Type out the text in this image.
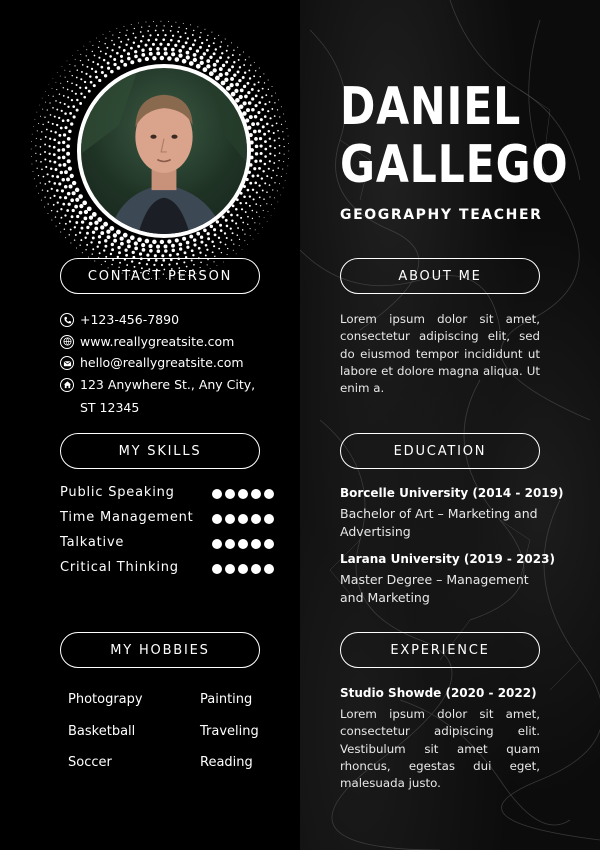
DANIEL
GALLEGO
GEOGRAPHY TEACHER
CONTACT PERSON	ABOUT ME
+123-456-7890
www.reallygreatsite.com
hello@reallygreatsite.com
123 Anywhere St., Any City,
ST 12345
Lorem ipsum dolor sit amet, consectetur adipiscing elit, sed do eiusmod tempor incididunt ut labore et dolore magna aliqua. Ut enim a.
MY SKILLS	EDUCATION
Public Speaking
Time Management
Talkative
Critical Thinking
Borcelle University (2014 - 2019)
Bachelor of Art – Marketing and Advertising
Larana University (2019 - 2023)
Master Degree – Management and Marketing
MY HOBBIES	EXPERIENCE
Photograpy	Painting
Basketball	Traveling
Soccer	Reading
Studio Showde (2020 - 2022)
Lorem ipsum dolor sit amet, consectetur adipiscing elit. Vestibulum sit amet quam rhoncus, egestas dui eget, malesuada justo.
